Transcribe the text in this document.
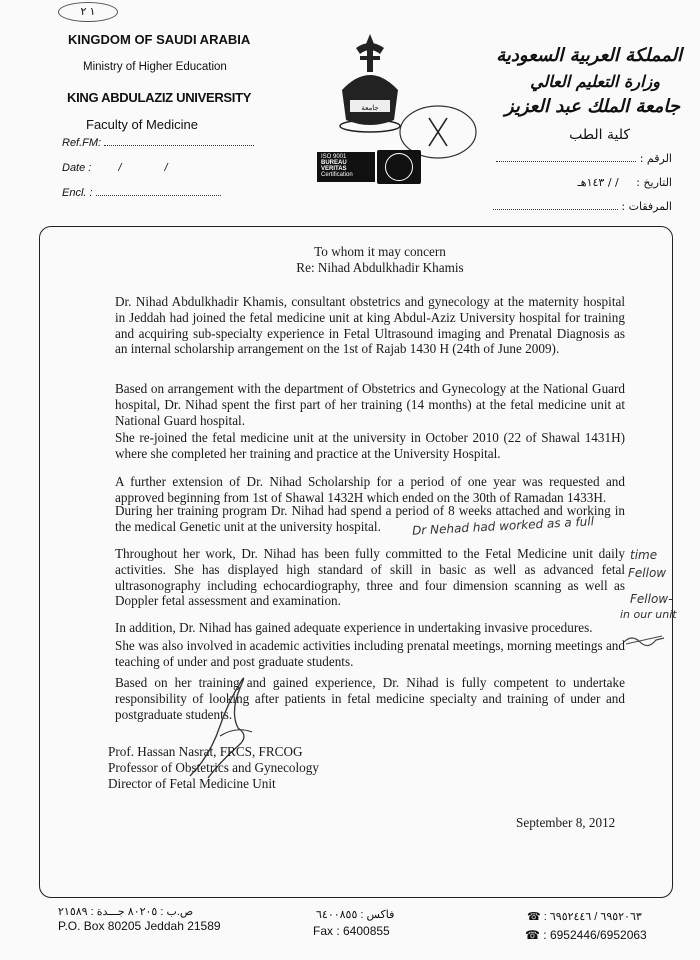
١ ٢
KINGDOM OF SAUDI ARABIA
Ministry of Higher Education
KING ABDULAZIZ UNIVERSITY
Faculty of Medicine
Ref.FM:
Date : / /
Encl. :
جامعة
ISO 9001
BUREAU VERITAS
Certification
المملكة العربية السعودية
وزارة التعليم العالي
جامعة الملك عبد العزيز
كلية الطب
الرقم :
التاريخ : / / ١٤٣هـ
المرفقات :
To whom it may concern
Re: Nihad Abdulkhadir Khamis
Dr. Nihad Abdulkhadir Khamis, consultant obstetrics and gynecology at the maternity hospital in Jeddah had joined the fetal medicine unit at king Abdul-Aziz University hospital for training and acquiring sub-specialty experience in Fetal Ultrasound imaging and Prenatal Diagnosis as an internal scholarship arrangement on the 1st of Rajab 1430 H (24th of June 2009).
Based on arrangement with the department of Obstetrics and Gynecology at the National Guard hospital, Dr. Nihad spent the first part of her training (14 months) at the fetal medicine unit at National Guard hospital.
She re-joined the fetal medicine unit at the university in October 2010 (22 of Shawal 1431H) where she completed her training and practice at the University Hospital.
A further extension of Dr. Nihad Scholarship for a period of one year was requested and approved beginning from 1st of Shawal 1432H which ended on the 30th of Ramadan 1433H.
During her training program Dr. Nihad had spend a period of 8 weeks attached and working in the medical Genetic unit at the university hospital.
Throughout her work, Dr. Nihad has been fully committed to the Fetal Medicine unit daily activities. She has displayed high standard of skill in basic as well as advanced fetal ultrasonography including echocardiography, three and four dimension scanning as well as Doppler fetal assessment and examination.
In addition, Dr. Nihad has gained adequate experience in undertaking invasive procedures.
She was also involved in academic activities including prenatal meetings, morning meetings and teaching of under and post graduate students.
Based on her training and gained experience, Dr. Nihad is fully competent to undertake responsibility of looking after patients in fetal medicine specialty and training of under and postgraduate students.
Dr Nehad had worked as a full
time
Fellow
Fellow-
in our unit
Prof. Hassan Nasrat, FRCS, FRCOG
Professor of Obstetrics and Gynecology
Director of Fetal Medicine Unit
September 8, 2012
ص.ب : ٨٠٢٠٥ جـــدة : ٢١٥٨٩
P.O. Box 80205 Jeddah 21589
فاكس : ٦٤٠٠٨٥٥
Fax : 6400855
☎ : ٦٩٥٢٠٦٣ / ٦٩٥٢٤٤٦
☎ : 6952446/6952063
